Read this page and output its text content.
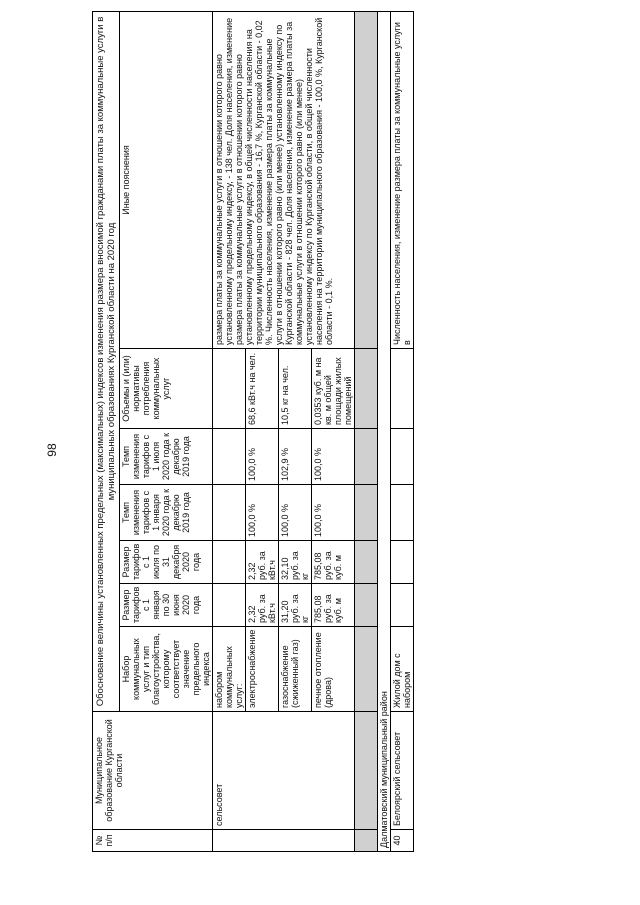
98
№ п/п	Муниципальное образование Курганской области	Обоснование величины установленных предельных (максимальных) индексов изменения размера вносимой гражданами платы за коммунальные услуги в муниципальных образованиях Курганской области на 2020 год						
		Набор коммунальных услуг и тип благоустройства, которому соответствует значение предельного индекса	Размер тарифов с 1 января по 30 июня 2020 года	Размер тарифов с 1 июля по 31 декабря 2020 года	Темп изменения тарифов с 1 января 2020 года к декабрю 2019 года	Темп изменения тарифов с 1 июля 2020 года к декабрю 2019 года	Объемы и (или) нормативы потребления коммунальных услуг	Иные пояснения
	сельсовет	набором коммунальных услуг:						размера платы за коммунальные услуги в отношении которого равно установленному предельному индексу, - 138 чел. Доля населения, изменение размера платы за коммунальные услуги в отношении которого равно установленному предельному индексу, в общей численности населения на территории муниципального образования - 16,7 %, Курганской области - 0,02 %. Численность населения, изменение размера платы за коммунальные услуги в отношении которого равно (или менее) установленному индексу по Курганской области - 828 чел. Доля населения, изменение размера платы за коммунальные услуги в отношении которого равно (или менее) установленному индексу по Курганской области, в общей численности населения на территории муниципального образования - 100,0 %, Курганской области - 0,1 %.
		электроснабжение	2,32 руб. за кВт.ч	2,32 руб. за кВт.ч	100,0 %	100,0 %	68,6 кВт.ч на чел.	
		газоснабжение (сжиженный газ)	31,20 руб. за кг	32,10 руб. за кг	100,0 %	102,9 %	10,5 кг на чел.	
		печное отопление (дрова)	785,08 руб. за куб. м	785,08 руб. за куб. м	100,0 %	100,0 %	0,0353 куб. м на кв. м общей площади жилых помещений	

Далматовский муниципальный район								
40	Белоярский сельсовет	Жилой дом с набором						Численность населения, изменение размера платы за коммунальные услуги в
